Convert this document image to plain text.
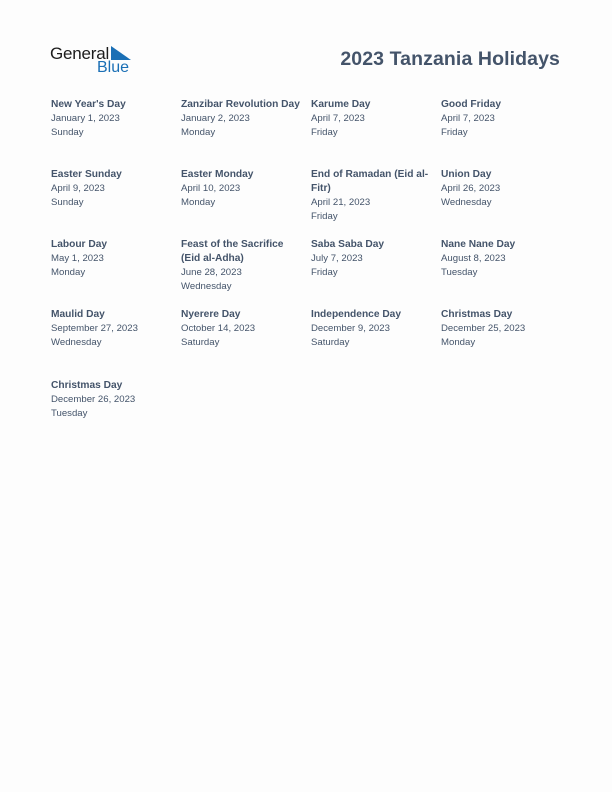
General
Blue	2023 Tanzania Holidays
New Year's Day
January 1, 2023
Sunday
Zanzibar Revolution Day
January 2, 2023
Monday
Karume Day
April 7, 2023
Friday
Good Friday
April 7, 2023
Friday
Easter Sunday
April 9, 2023
Sunday
Easter Monday
April 10, 2023
Monday
End of Ramadan (Eid al-Fitr)
April 21, 2023
Friday
Union Day
April 26, 2023
Wednesday
Labour Day
May 1, 2023
Monday
Feast of the Sacrifice (Eid al-Adha)
June 28, 2023
Wednesday
Saba Saba Day
July 7, 2023
Friday
Nane Nane Day
August 8, 2023
Tuesday
Maulid Day
September 27, 2023
Wednesday
Nyerere Day
October 14, 2023
Saturday
Independence Day
December 9, 2023
Saturday
Christmas Day
December 25, 2023
Monday
Christmas Day
December 26, 2023
Tuesday
